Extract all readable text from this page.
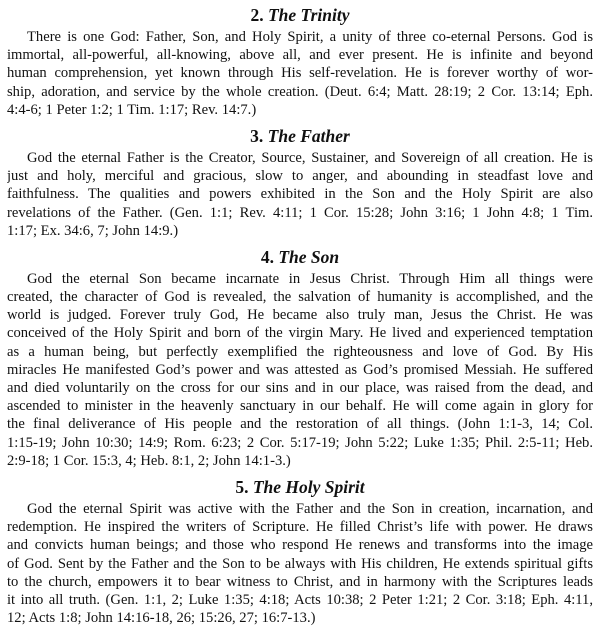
2. The Trinity
There is one God: Father, Son, and Holy Spirit, a unity of three co-eternal Persons. God is
immortal, all-powerful, all-knowing, above all, and ever present. He is infinite and beyond
human comprehension, yet known through His self-revelation. He is forever worthy of wor-
ship, adoration, and service by the whole creation. (Deut. 6:4; Matt. 28:19; 2 Cor. 13:14; Eph.
4:4-6; 1 Peter 1:2; 1 Tim. 1:17; Rev. 14:7.)
3. The Father
God the eternal Father is the Creator, Source, Sustainer, and Sovereign of all creation. He is
just and holy, merciful and gracious, slow to anger, and abounding in steadfast love and
faithfulness. The qualities and powers exhibited in the Son and the Holy Spirit are also
revelations of the Father. (Gen. 1:1; Rev. 4:11; 1 Cor. 15:28; John 3:16; 1 John 4:8; 1 Tim.
1:17; Ex. 34:6, 7; John 14:9.)
4. The Son
God the eternal Son became incarnate in Jesus Christ. Through Him all things were
created, the character of God is revealed, the salvation of humanity is accomplished, and the
world is judged. Forever truly God, He became also truly man, Jesus the Christ. He was
conceived of the Holy Spirit and born of the virgin Mary. He lived and experienced temptation
as a human being, but perfectly exemplified the righteousness and love of God. By His
miracles He manifested God’s power and was attested as God’s promised Messiah. He suffered
and died voluntarily on the cross for our sins and in our place, was raised from the dead, and
ascended to minister in the heavenly sanctuary in our behalf. He will come again in glory for
the final deliverance of His people and the restoration of all things. (John 1:1-3, 14; Col.
1:15-19; John 10:30; 14:9; Rom. 6:23; 2 Cor. 5:17-19; John 5:22; Luke 1:35; Phil. 2:5-11; Heb.
2:9-18; 1 Cor. 15:3, 4; Heb. 8:1, 2; John 14:1-3.)
5. The Holy Spirit
God the eternal Spirit was active with the Father and the Son in creation, incarnation, and
redemption. He inspired the writers of Scripture. He filled Christ’s life with power. He draws
and convicts human beings; and those who respond He renews and transforms into the image
of God. Sent by the Father and the Son to be always with His children, He extends spiritual gifts
to the church, empowers it to bear witness to Christ, and in harmony with the Scriptures leads
it into all truth. (Gen. 1:1, 2; Luke 1:35; 4:18; Acts 10:38; 2 Peter 1:21; 2 Cor. 3:18; Eph. 4:11,
12; Acts 1:8; John 14:16-18, 26; 15:26, 27; 16:7-13.)
